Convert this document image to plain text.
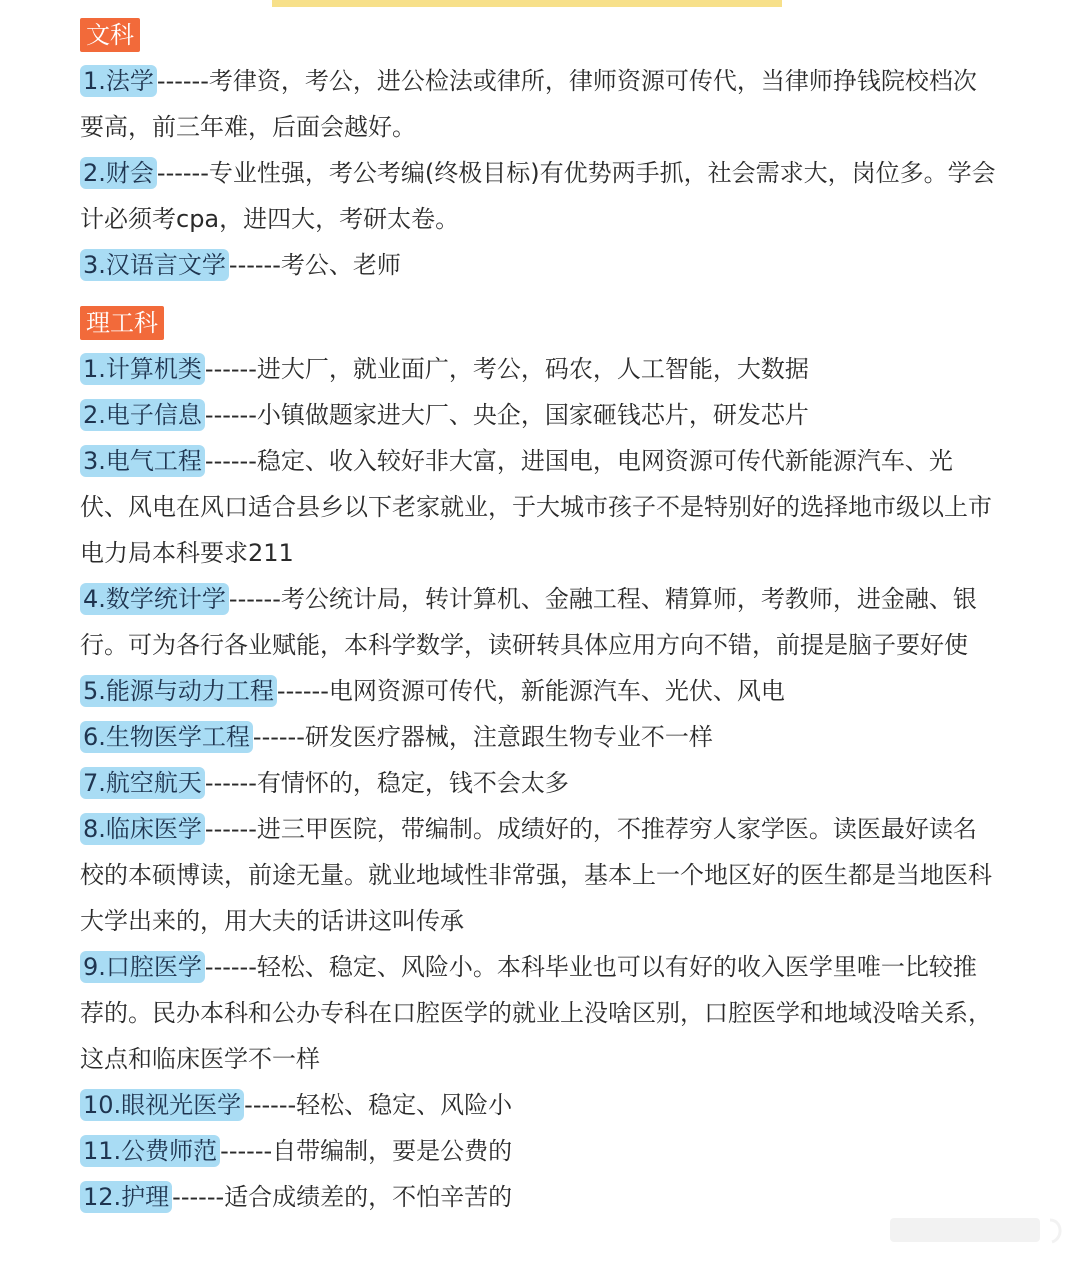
文科

1.法学 ------考律资，考公，进公检法或律所，律师资源可传代，当律师挣钱院校档次要高，前三年难，后面会越好。

2.财会 ------专业性强，考公考编(终极目标)有优势两手抓，社会需求大，岗位多。学会计必须考cpa，进四大，考研太卷。

3.汉语言文学 ------考公、老师

理工科

1.计算机类 ------进大厂，就业面广，考公，码农，人工智能，大数据

2.电子信息 ------小镇做题家进大厂、央企，国家砸钱芯片，研发芯片

3.电气工程 ------稳定、收入较好非大富，进国电，电网资源可传代新能源汽车、光伏、风电在风口适合县乡以下老家就业，于大城市孩子不是特别好的选择地市级以上市电力局本科要求211

4.数学统计学 ------考公统计局，转计算机、金融工程、精算师，考教师，进金融、银行。可为各行各业赋能，本科学数学，读研转具体应用方向不错，前提是脑子要好使

5.能源与动力工程 ------电网资源可传代，新能源汽车、光伏、风电

6.生物医学工程 ------研发医疗器械，注意跟生物专业不一样

7.航空航天 ------有情怀的，稳定，钱不会太多

8.临床医学 ------进三甲医院，带编制。成绩好的，不推荐穷人家学医。读医最好读名校的本硕博读，前途无量。就业地域性非常强，基本上一个地区好的医生都是当地医科大学出来的，用大夫的话讲这叫传承

9.口腔医学 ------轻松、稳定、风险小。本科毕业也可以有好的收入医学里唯一比较推荐的。民办本科和公办专科在口腔医学的就业上没啥区别，口腔医学和地域没啥关系，这点和临床医学不一样

10.眼视光医学 ------轻松、稳定、风险小

11.公费师范 ------自带编制，要是公费的

12.护理 ------适合成绩差的，不怕辛苦的
